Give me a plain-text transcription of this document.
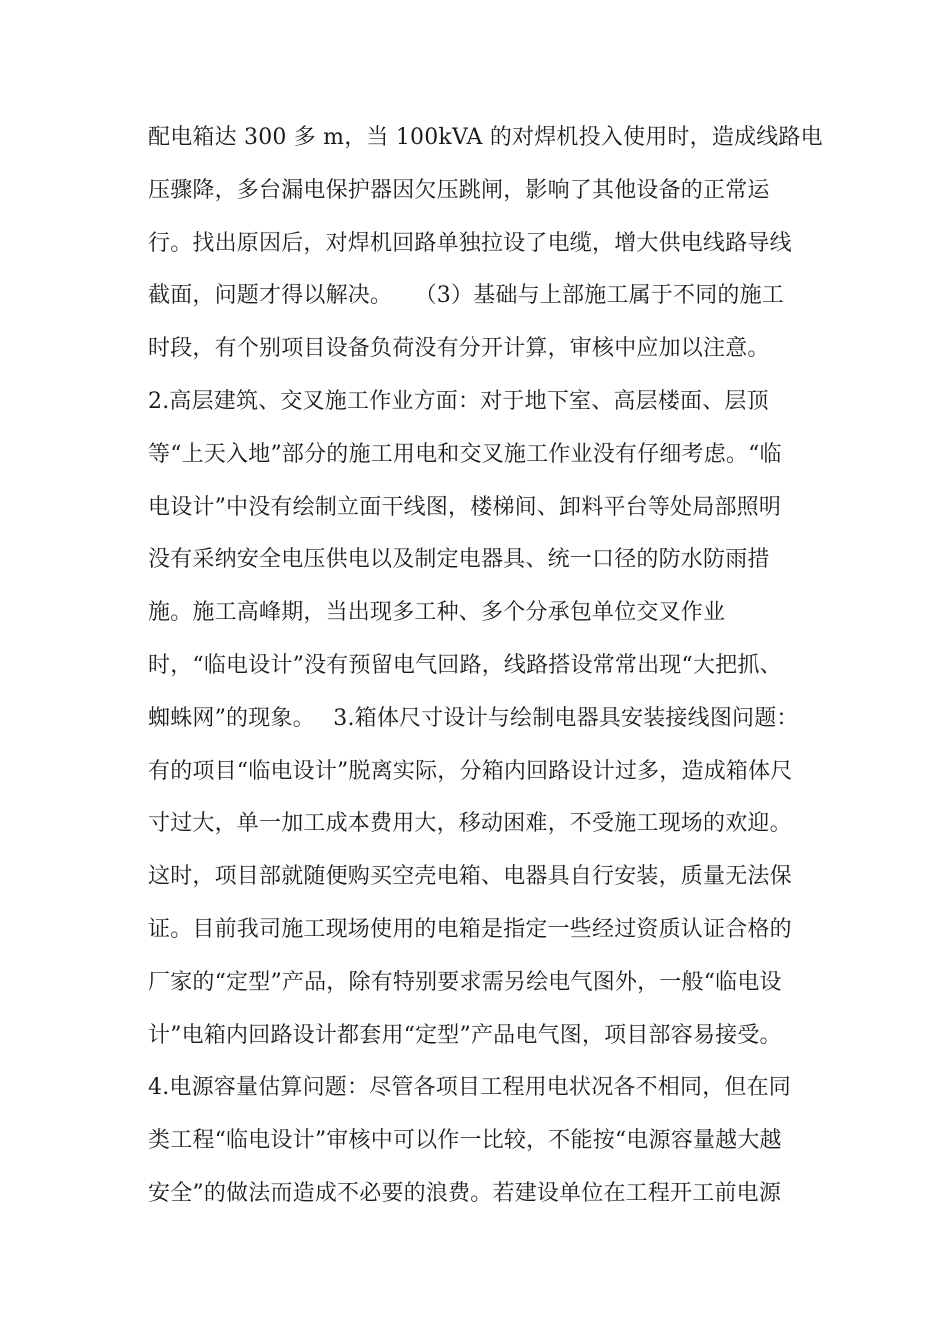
配电箱达 300 多 m，当 100kVA 的对焊机投入使用时，造成线路电
压骤降，多台漏电保护器因欠压跳闸，影响了其他设备的正常运
行。找出原因后，对焊机回路单独拉设了电缆，增大供电线路导线
截面，问题才得以解决。　　（3）基础与上部施工属于不同的施工
时段，有个别项目设备负荷没有分开计算，审核中应加以注意。
2.高层建筑、交叉施工作业方面：对于地下室、高层楼面、层顶
等“上天入地”部分的施工用电和交叉施工作业没有仔细考虑。“临
电设计”中没有绘制立面干线图，楼梯间、卸料平台等处局部照明
没有采纳安全电压供电以及制定电器具、统一口径的防水防雨措
施。施工高峰期，当出现多工种、多个分承包单位交叉作业
时，“临电设计”没有预留电气回路，线路搭设常常出现“大把抓、
蜘蛛网”的现象。　 3.箱体尺寸设计与绘制电器具安装接线图问题：
有的项目“临电设计”脱离实际，分箱内回路设计过多，造成箱体尺
寸过大，单一加工成本费用大，移动困难，不受施工现场的欢迎。
这时，项目部就随便购买空壳电箱、电器具自行安装，质量无法保
证。目前我司施工现场使用的电箱是指定一些经过资质认证合格的
厂家的“定型”产品，除有特别要求需另绘电气图外，一般“临电设
计”电箱内回路设计都套用“定型”产品电气图，项目部容易接受。
4.电源容量估算问题：尽管各项目工程用电状况各不相同，但在同
类工程“临电设计”审核中可以作一比较，不能按“电源容量越大越
安全”的做法而造成不必要的浪费。若建设单位在工程开工前电源
